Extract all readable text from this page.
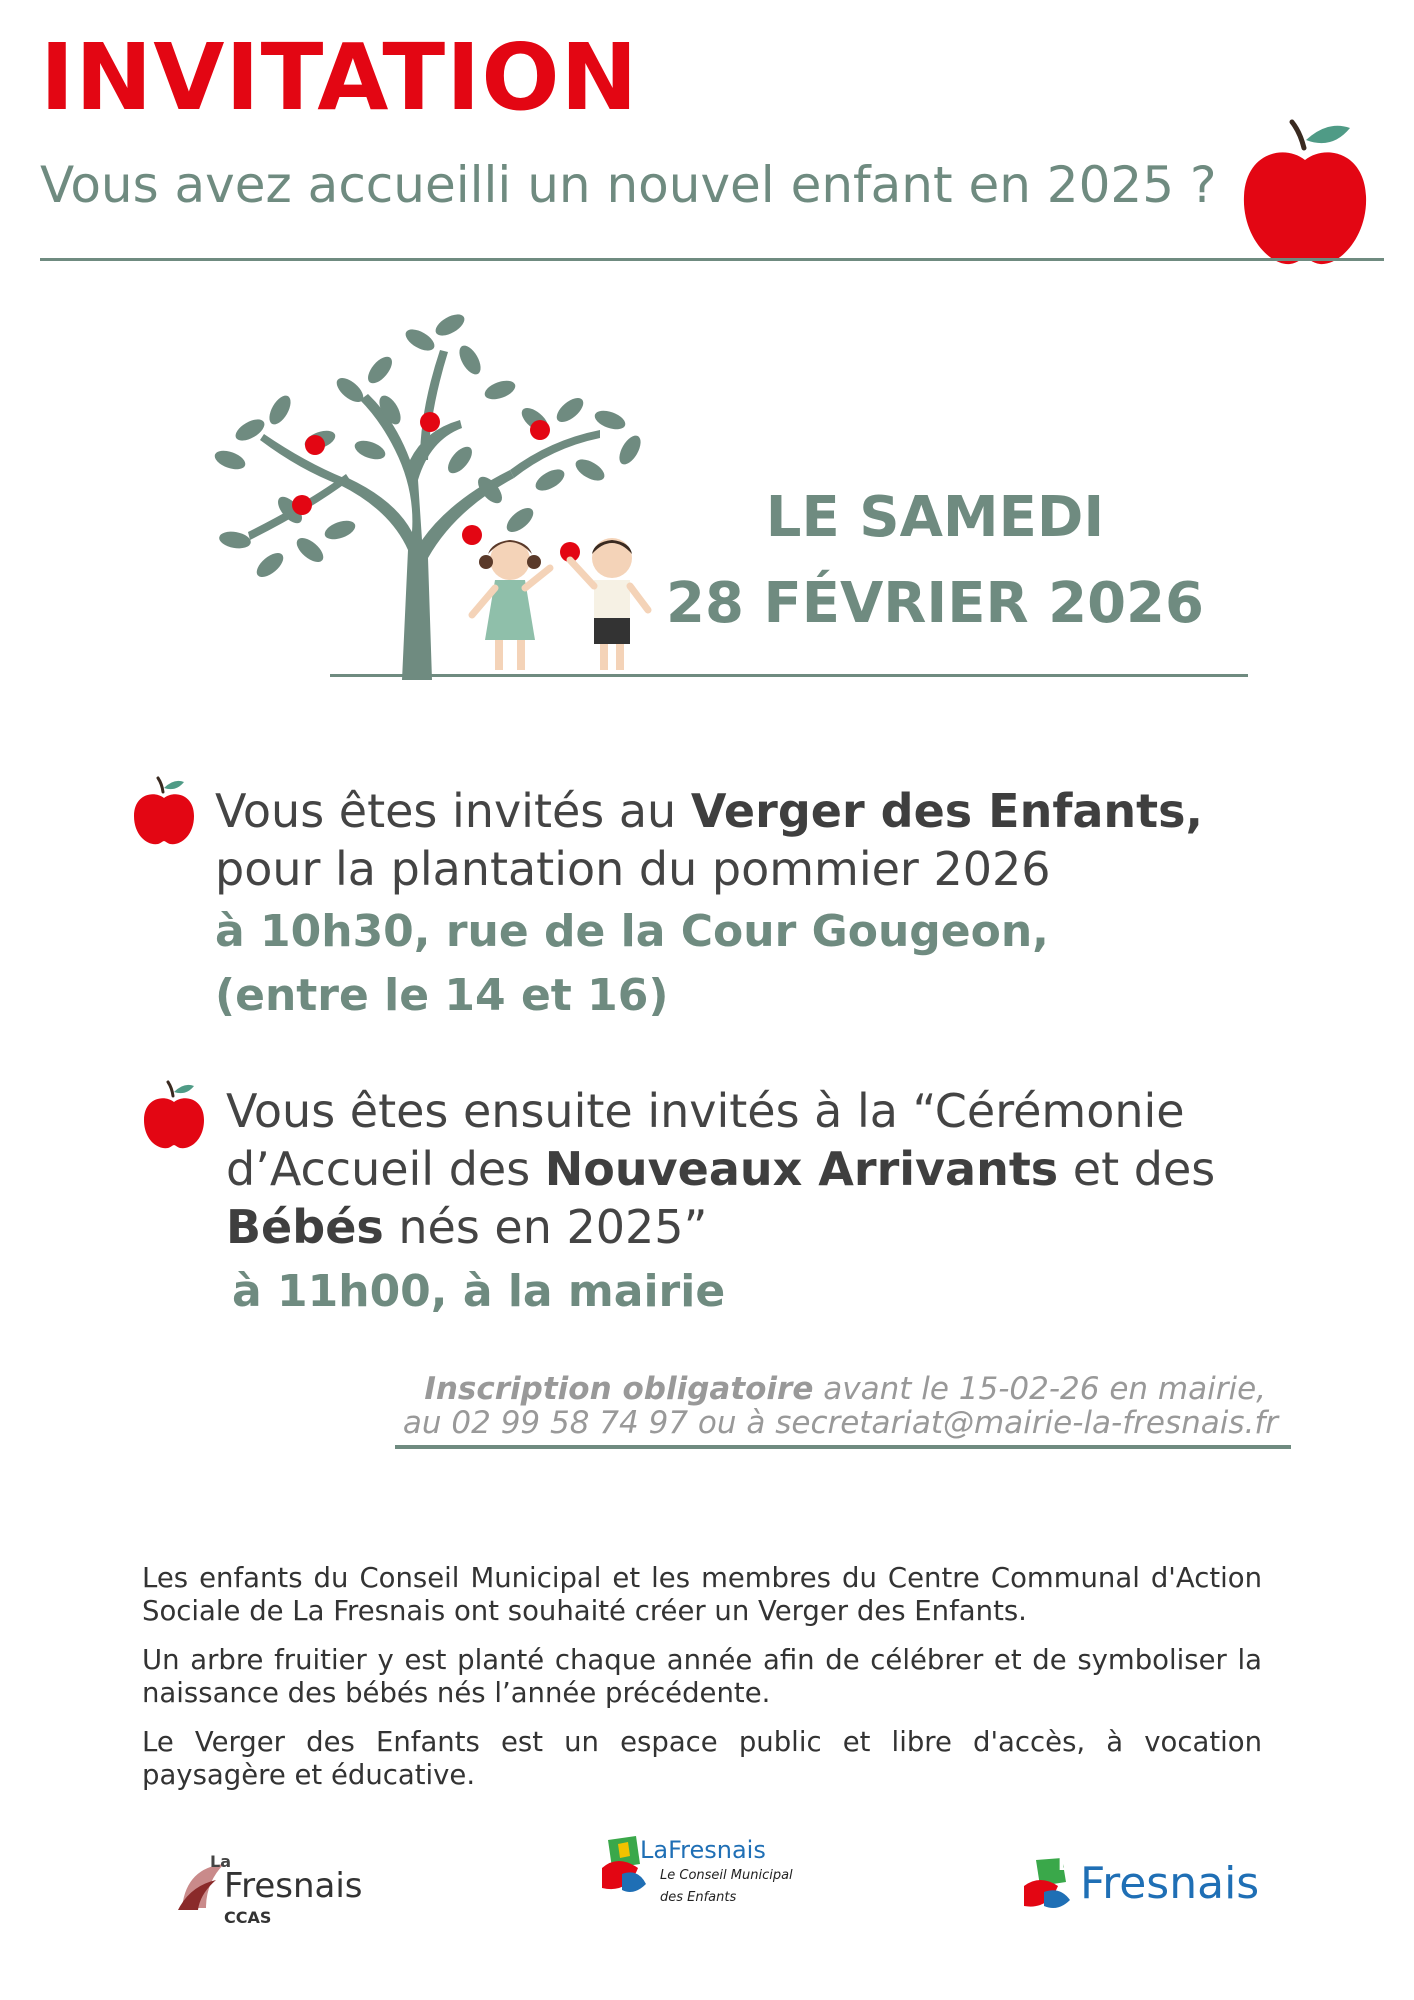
INVITATION
Vous avez accueilli un nouvel enfant en 2025 ?
LE SAMEDI
28 FÉVRIER 2026
Vous êtes invités au Verger des Enfants,
pour la plantation du pommier 2026
à 10h30, rue de la Cour Gougeon,
(entre le 14 et 16)
Vous êtes ensuite invités à la “Cérémonie
d’Accueil des Nouveaux Arrivants et des
Bébés nés en 2025”
à 11h00, à la mairie
Inscription obligatoire avant le 15-02-26 en mairie,
au 02 99 58 74 97 ou à secretariat@mairie-la-fresnais.fr
Les enfants du Conseil Municipal et les membres du Centre Communal d'Action Sociale de La Fresnais ont souhaité créer un Verger des Enfants.
Un arbre fruitier y est planté chaque année afin de célébrer et de symboliser la naissance des bébés nés l’année précédente.
Le Verger des Enfants est un espace public et libre d'accès, à vocation paysagère et éducative.
La
Fresnais
CCAS
LaFresnais
Le Conseil Municipal
des Enfants
La
Fresnais
